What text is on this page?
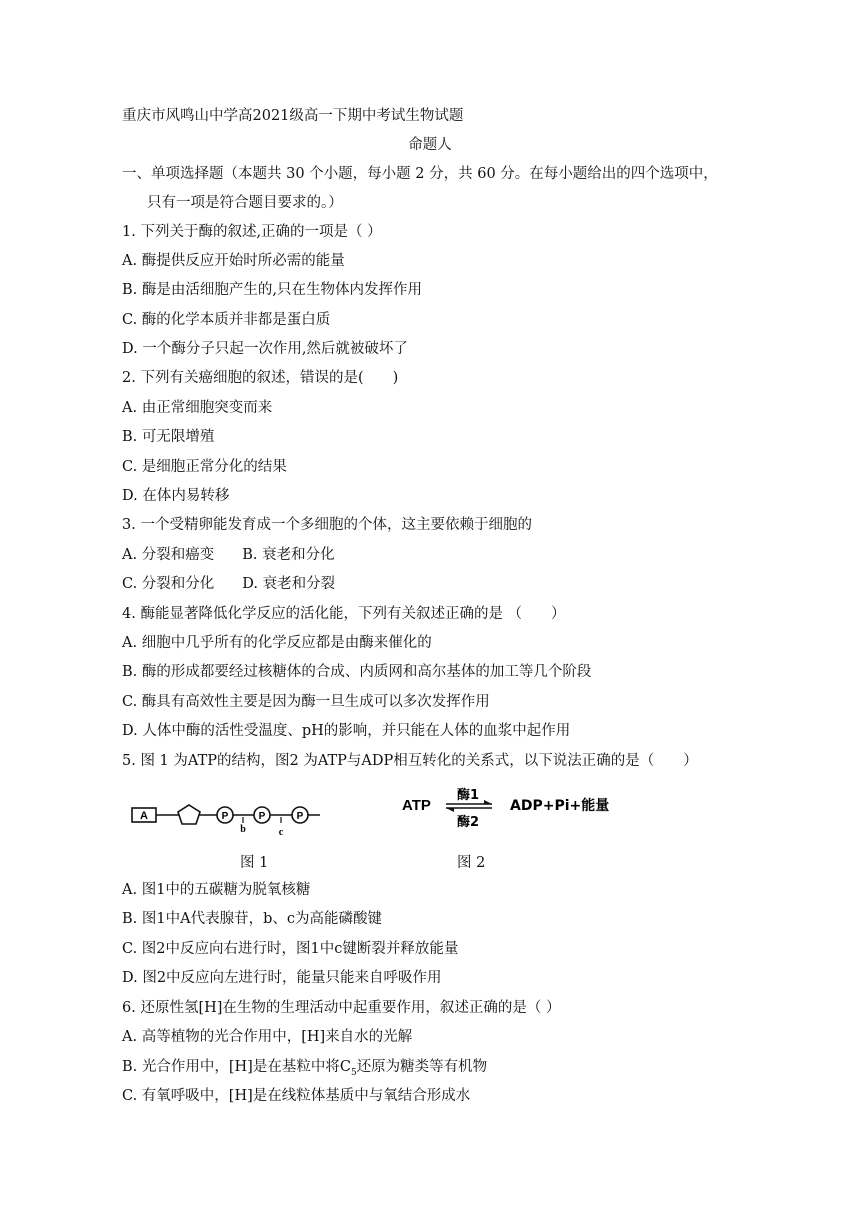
重庆市风鸣山中学高2021级高一下期中考试生物试题
命题人
一、单项选择题（本题共 30 个小题，每小题 2 分，共 60 分。在每小题给出的四个选项中，
只有一项是符合题目要求的。）
1. 下列关于酶的叙述,正确的一项是（ ）
A. 酶提供反应开始时所必需的能量
B. 酶是由活细胞产生的,只在生物体内发挥作用
C. 酶的化学本质并非都是蛋白质
D. 一个酶分子只起一次作用,然后就被破坏了
2. 下列有关癌细胞的叙述，错误的是(　　)
A. 由正常细胞突变而来
B. 可无限增殖
C. 是细胞正常分化的结果
D. 在体内易转移
3. 一个受精卵能发育成一个多细胞的个体，这主要依赖于细胞的
A. 分裂和癌变 B. 衰老和分化
C. 分裂和分化 D. 衰老和分裂
4. 酶能显著降低化学反应的活化能，下列有关叙述正确的是 （　　）
A. 细胞中几乎所有的化学反应都是由酶来催化的
B. 酶的形成都要经过核糖体的合成、内质网和高尔基体的加工等几个阶段
C. 酶具有高效性主要是因为酶一旦生成可以多次发挥作用
D. 人体中酶的活性受温度、pH的影响，并只能在人体的血浆中起作用
5. 图 1 为ATP的结构，图2 为ATP与ADP相互转化的关系式，以下说法正确的是（　　）
A	P	P	P
b	c
ATP
酶1
酶2
ADP+Pi+能量
图 1	图 2
A. 图1中的五碳糖为脱氧核糖
B. 图1中A代表腺苷，b、c为高能磷酸键
C. 图2中反应向右进行时，图1中c键断裂并释放能量
D. 图2中反应向左进行时，能量只能来自呼吸作用
6. 还原性氢[H]在生物的生理活动中起重要作用，叙述正确的是（ ）
A. 高等植物的光合作用中，[H]来自水的光解
B. 光合作用中，[H]是在基粒中将$C_5$还原为糖类等有机物
C. 有氧呼吸中，[H]是在线粒体基质中与氧结合形成水
